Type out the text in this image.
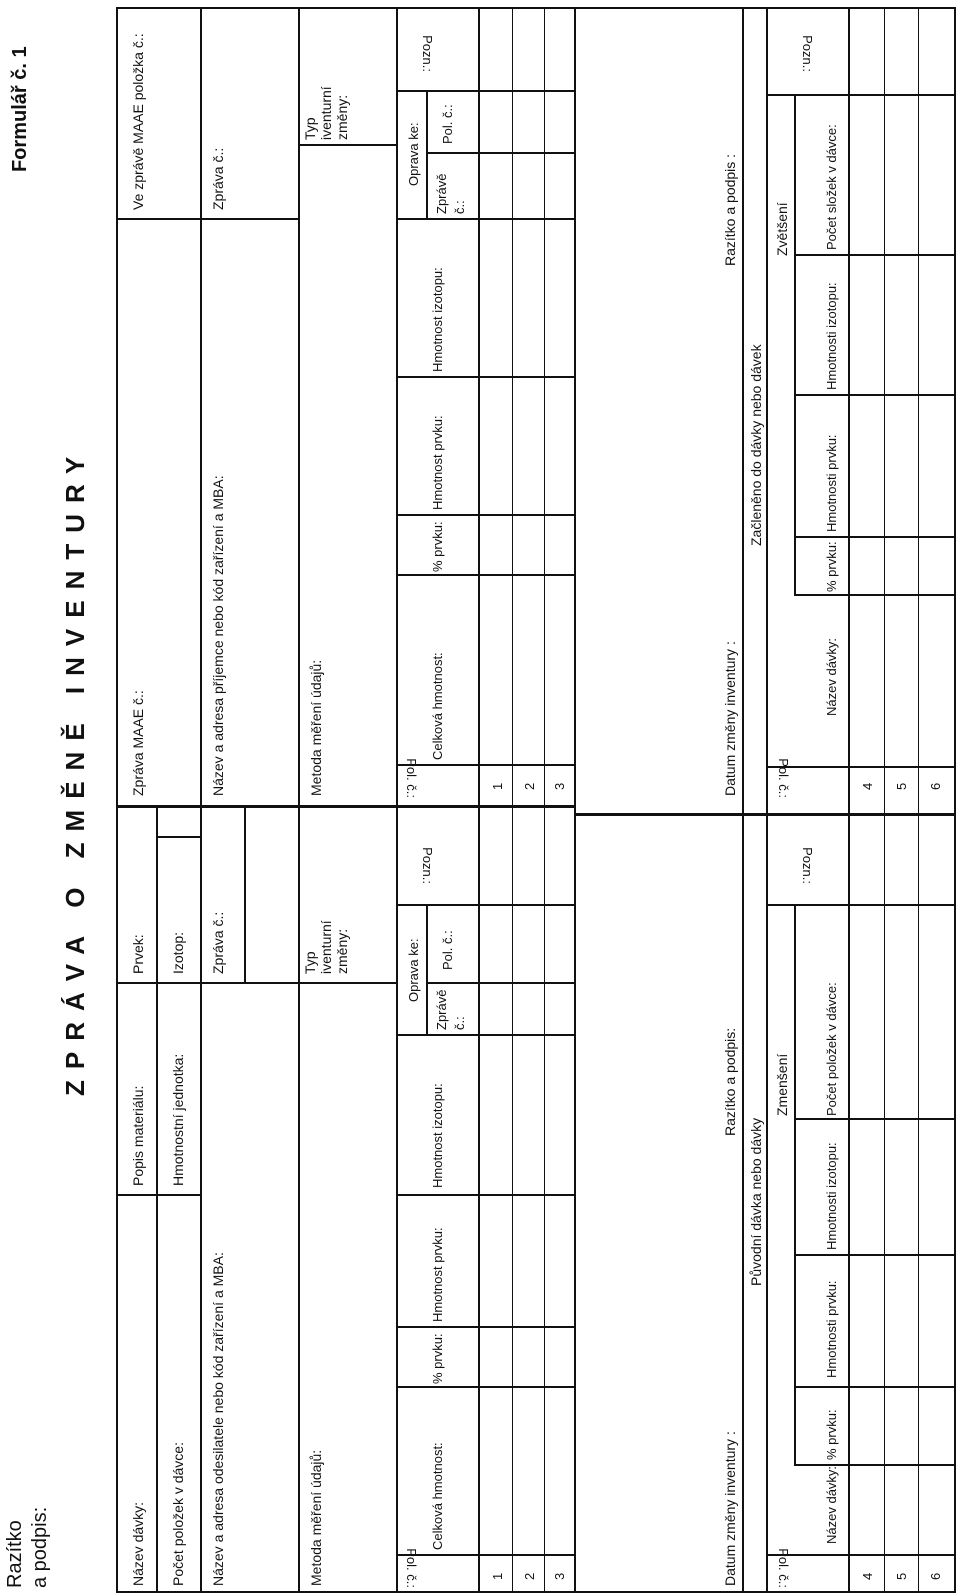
Razítko a podpis:
Formulář č. 1
ZPRÁVA O ZMĚNĚ INVENTURY
Název dávky:
Popis materiálu:
Prvek:
Počet položek v dávce:
Hmotnostní jednotka:
Izotop:
Název a adresa odesilatele nebo kód zařízení a MBA:
Zpráva č.:
Metoda měření údajů:
Typ iventurní změny:
Pol. č.:
Celková hmotnost:
% prvku:
Hmotnost prvku:
Hmotnost izotopu:
Oprava ke:
Zprávě č.:
Pol. č.:
Pozn.:
1 2 3	Datum změny inventury :
Razítko a podpis:
Původní dávka nebo dávky
Zmenšení
Pol. č.:
Název dávky:
% prvku:
Hmotnosti prvku:
Hmotnosti izotopu:
Počet položek v dávce:
Pozn.:
4 5 6
Zpráva MAAE č.:
Ve zprávě MAAE položka č.:
Název a adresa příjemce nebo kód zařízení a MBA:
Zpráva č.:
Metoda měření údajů:
Typ iventurní změny:
Pol. č.:
Celková hmotnost:
% prvku:
Hmotnost prvku:
Hmotnost izotopu:
Oprava ke:
Zprávě č.:
Pol. č.:
Pozn.:
1 2 3	Datum změny inventury :
Razítko a podpis :
Začleněno do dávky nebo dávek
Zvětšení
Pol. č.:
Název dávky:
% prvku:
Hmotnosti prvku:
Hmotnosti izotopu:
Počet složek v dávce:
Pozn.:
4 5 6
